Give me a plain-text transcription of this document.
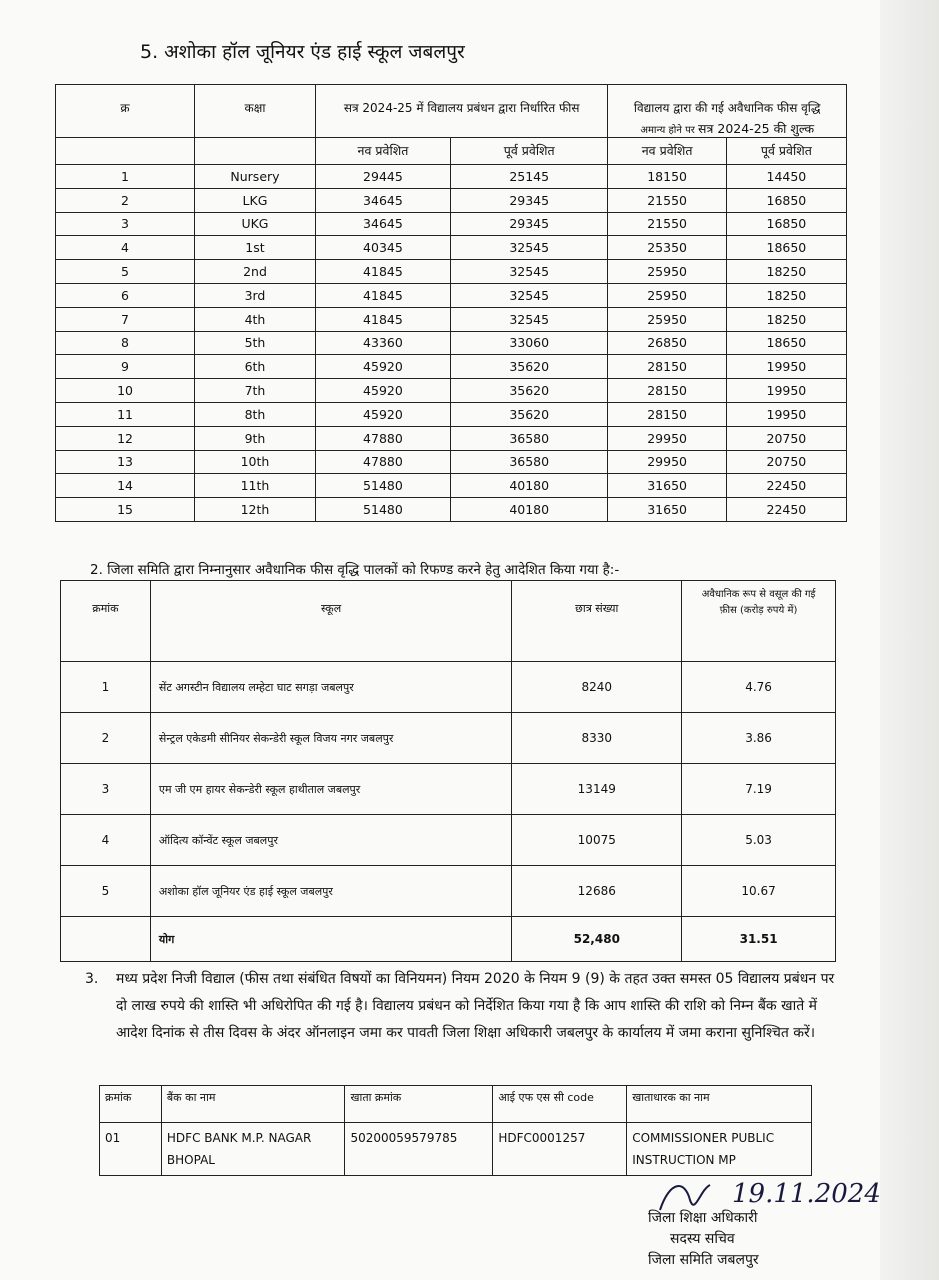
5. अशोका हॉल जूनियर एंड हाई स्कूल जबलपुर
क्र	कक्षा	सत्र 2024-25 में विद्यालय प्रबंधन द्वारा निर्धारित फीस		विद्यालय द्वारा की गई अवैधानिक फीस वृद्धि
अमान्य होने पर सत्र 2024-25 की शुल्क	

		नव प्रवेशित	पूर्व प्रवेशित	नव प्रवेशित	पूर्व प्रवेशित
1	Nursery	29445	25145	18150	14450
2	LKG	34645	29345	21550	16850
3	UKG	34645	29345	21550	16850
4	1st	40345	32545	25350	18650
5	2nd	41845	32545	25950	18250
6	3rd	41845	32545	25950	18250
7	4th	41845	32545	25950	18250
8	5th	43360	33060	26850	18650
9	6th	45920	35620	28150	19950
10	7th	45920	35620	28150	19950
11	8th	45920	35620	28150	19950
12	9th	47880	36580	29950	20750
13	10th	47880	36580	29950	20750
14	11th	51480	40180	31650	22450
15	12th	51480	40180	31650	22450
2. जिला समिति द्वारा निम्नानुसार अवैधानिक फीस वृद्धि पालकों को रिफण्ड करने हेतु आदेशित किया गया है:-
क्रमांक	स्कूल	छात्र संख्या	अवैधानिक रूप से वसूल की गई
फ़ीस (करोड़ रुपये में)
1	सेंट अगस्टीन विद्यालय लम्हेटा घाट सगड़ा जबलपुर	8240	4.76
2	सेन्ट्रल एकेडमी सीनियर सेकन्डेरी स्कूल विजय नगर जबलपुर	8330	3.86
3	एम जी एम हायर सेकन्डेरी स्कूल हाथीताल जबलपुर	13149	7.19
4	ऑदित्य कॉन्वेंट स्कूल जबलपुर	10075	5.03
5	अशोका हॉल जूनियर एंड हाई स्कूल जबलपुर	12686	10.67
	योग	52,480	31.51
3. मध्य प्रदेश निजी विद्याल (फीस तथा संबंधित विषयों का विनियमन) नियम 2020 के नियम 9 (9) के तहत उक्त समस्त 05 विद्यालय प्रबंधन पर दो लाख रुपये की शास्ति भी अधिरोपित की गई है। विद्यालय प्रबंधन को निर्देशित किया गया है कि आप शास्ति की राशि को निम्न बैंक खाते में आदेश दिनांक से तीस दिवस के अंदर ऑनलाइन जमा कर पावती जिला शिक्षा अधिकारी जबलपुर के कार्यालय में जमा कराना सुनिश्चित करें।
क्रमांक	बैंक का नाम	खाता क्रमांक	आई एफ एस सी code	खाताधारक का नाम
01	HDFC BANK M.P. NAGAR BHOPAL	50200059579785	HDFC0001257	COMMISSIONER PUBLIC INSTRUCTION MP
19.11.2024
जिला शिक्षा अधिकारी
सदस्य सचिव
जिला समिति जबलपुर
